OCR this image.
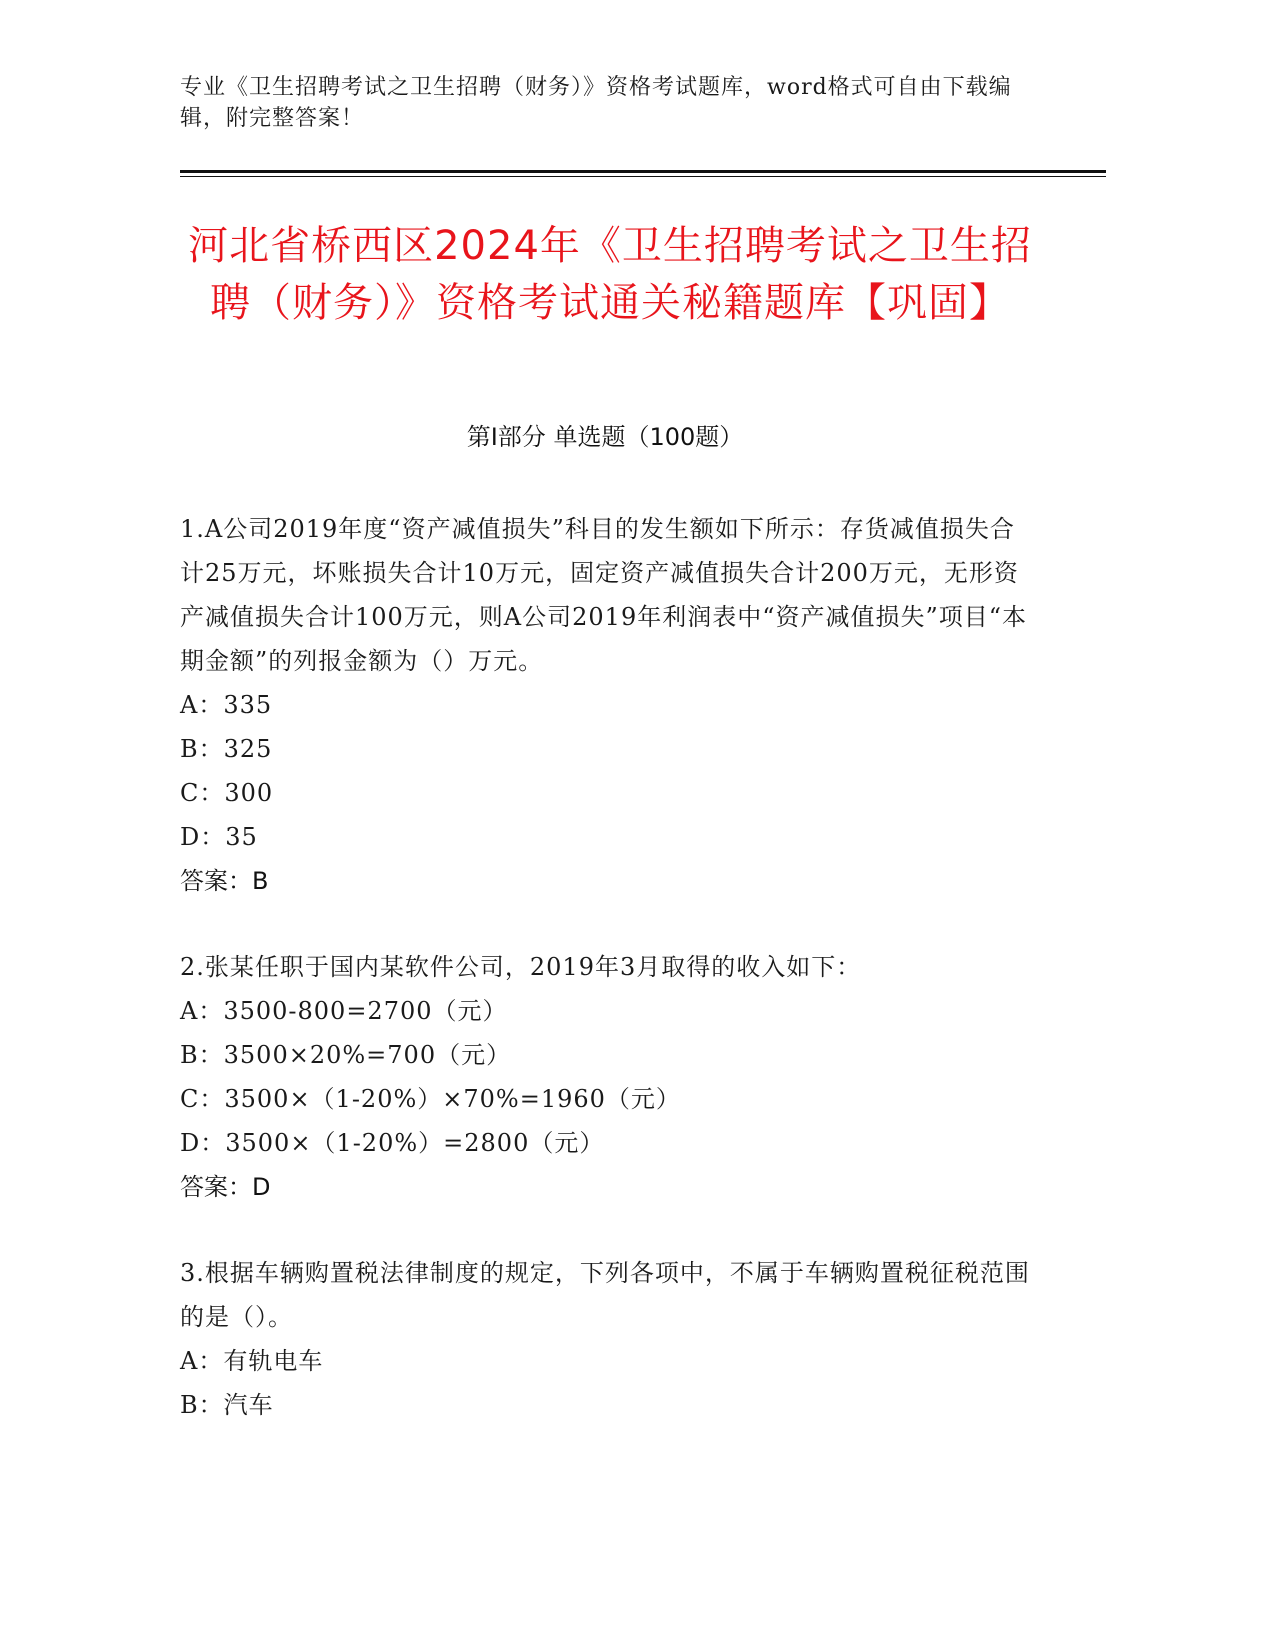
专业《卫生招聘考试之卫生招聘（财务）》资格考试题库，word格式可自由下载编辑，附完整答案！
河北省桥西区2024年《卫生招聘考试之卫生招聘（财务）》资格考试通关秘籍题库【巩固】
第Ⅰ部分 单选题（100题）

1.A公司2019年度“资产减值损失”科目的发生额如下所示：存货减值损失合计25万元，坏账损失合计10万元，固定资产减值损失合计200万元，无形资产减值损失合计100万元，则A公司2019年利润表中“资产减值损失”项目“本期金额”的列报金额为（）万元。

A：335

B：325

C：300

D：35

答案：B

2.张某任职于国内某软件公司，2019年3月取得的收入如下：

A：3500-800=2700（元）

B：3500×20%=700（元）

C：3500×（1-20%）×70%=1960（元）

D：3500×（1-20%）=2800（元）

答案：D

3.根据车辆购置税法律制度的规定，下列各项中，不属于车辆购置税征税范围的是（）。

A：有轨电车

B：汽车
